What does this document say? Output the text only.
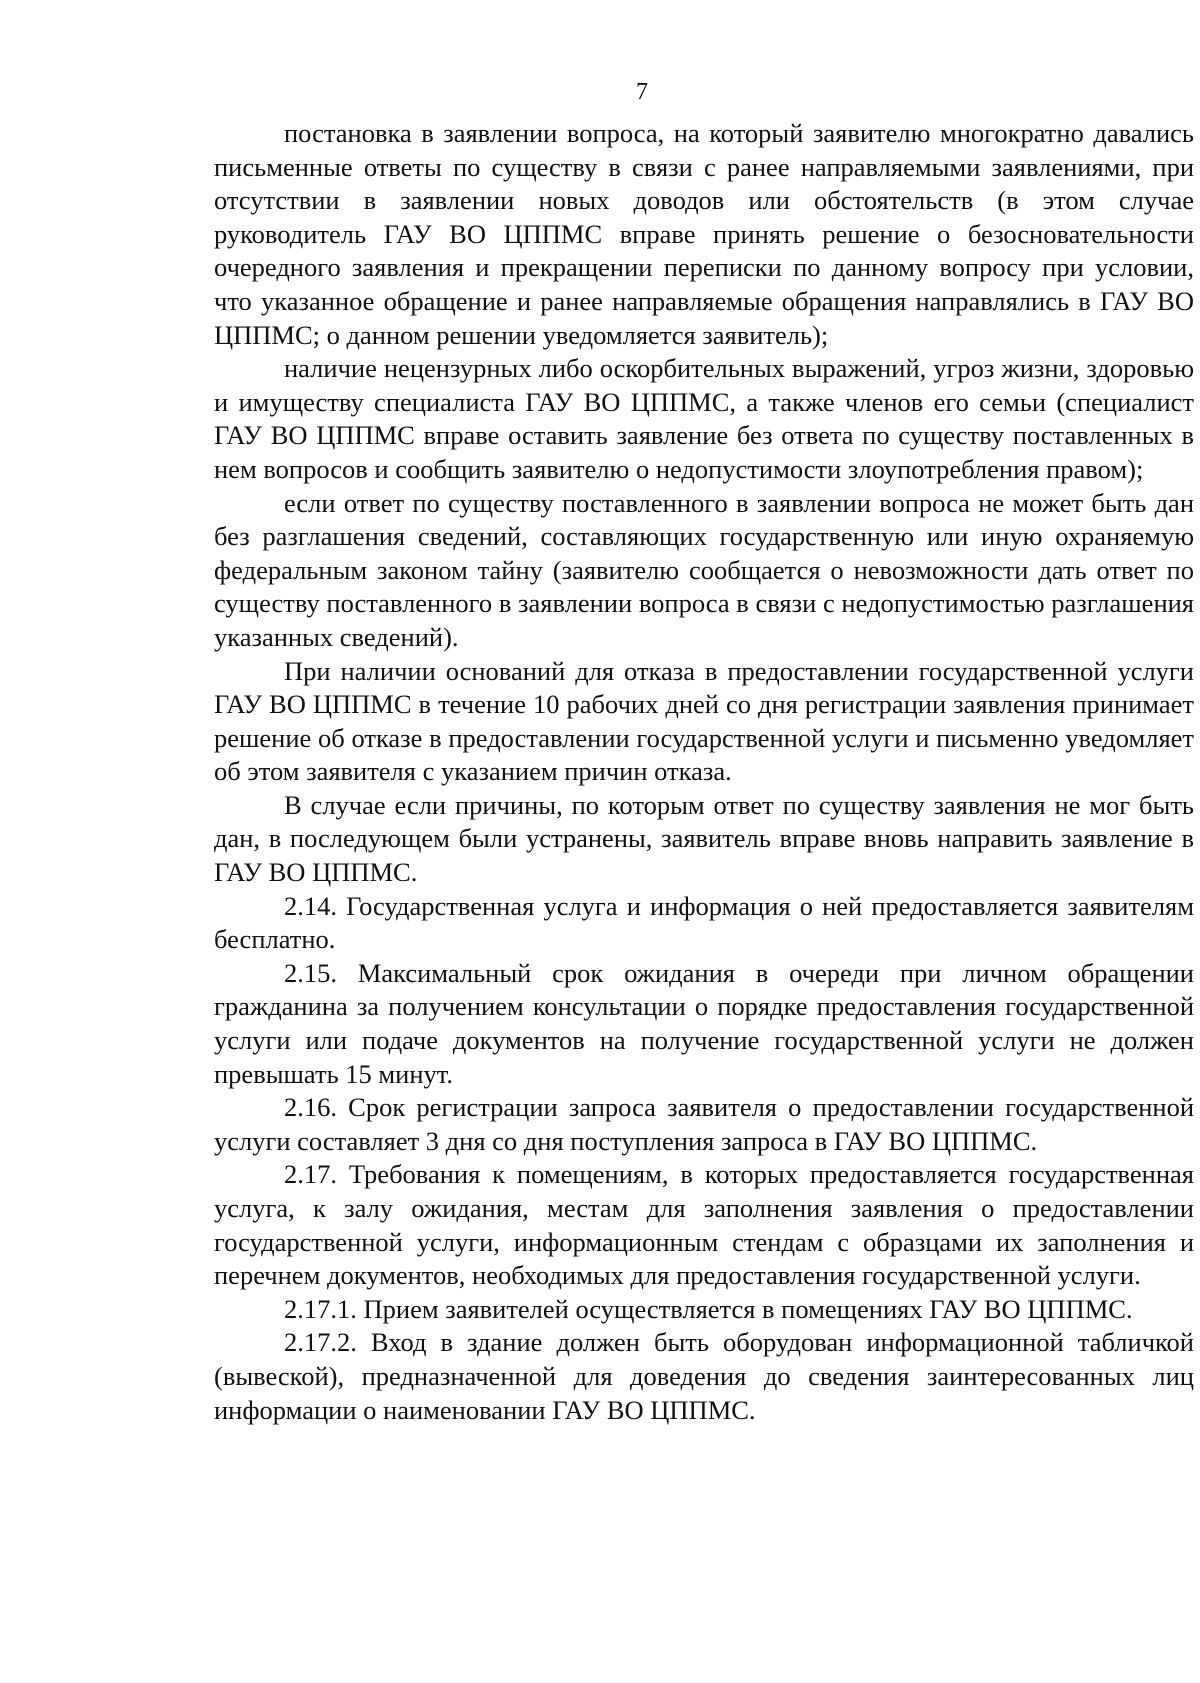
7

постановка в заявлении вопроса, на который заявителю многократно давались письменные ответы по существу в связи с ранее направляемыми заявлениями, при отсутствии в заявлении новых доводов или обстоятельств (в этом случае руководитель ГАУ ВО ЦППМС вправе принять решение о безосновательности очередного заявления и прекращении переписки по данному вопросу при условии, что указанное обращение и ранее направляемые обращения направлялись в ГАУ ВО ЦППМС; о данном решении уведомляется заявитель);

наличие нецензурных либо оскорбительных выражений, угроз жизни, здоровью и имуществу специалиста ГАУ ВО ЦППМС, а также членов его семьи (специалист ГАУ ВО ЦППМС вправе оставить заявление без ответа по существу поставленных в нем вопросов и сообщить заявителю о недопустимости злоупотребления правом);

если ответ по существу поставленного в заявлении вопроса не может быть дан без разглашения сведений, составляющих государственную или иную охраняемую федеральным законом тайну (заявителю сообщается о невозможности дать ответ по существу поставленного в заявлении вопроса в связи с недопустимостью разглашения указанных сведений).

При наличии оснований для отказа в предоставлении государственной услуги ГАУ ВО ЦППМС в течение 10 рабочих дней со дня регистрации заявления принимает решение об отказе в предоставлении государственной услуги и письменно уведомляет об этом заявителя с указанием причин отказа.

В случае если причины, по которым ответ по существу заявления не мог быть дан, в последующем были устранены, заявитель вправе вновь направить заявление в ГАУ ВО ЦППМС.

2.14. Государственная услуга и информация о ней предоставляется заявителям бесплатно.

2.15. Максимальный срок ожидания в очереди при личном обращении гражданина за получением консультации о порядке предоставления государственной услуги или подаче документов на получение государственной услуги не должен превышать 15 минут.

2.16. Срок регистрации запроса заявителя о предоставлении государственной услуги составляет 3 дня со дня поступления запроса в ГАУ ВО ЦППМС.

2.17. Требования к помещениям, в которых предоставляется государственная услуга, к залу ожидания, местам для заполнения заявления о предоставлении государственной услуги, информационным стендам с образцами их заполнения и перечнем документов, необходимых для предоставления государственной услуги.

2.17.1. Прием заявителей осуществляется в помещениях ГАУ ВО ЦППМС.

2.17.2. Вход в здание должен быть оборудован информационной табличкой (вывеской), предназначенной для доведения до сведения заинтересованных лиц информации о наименовании ГАУ ВО ЦППМС.
